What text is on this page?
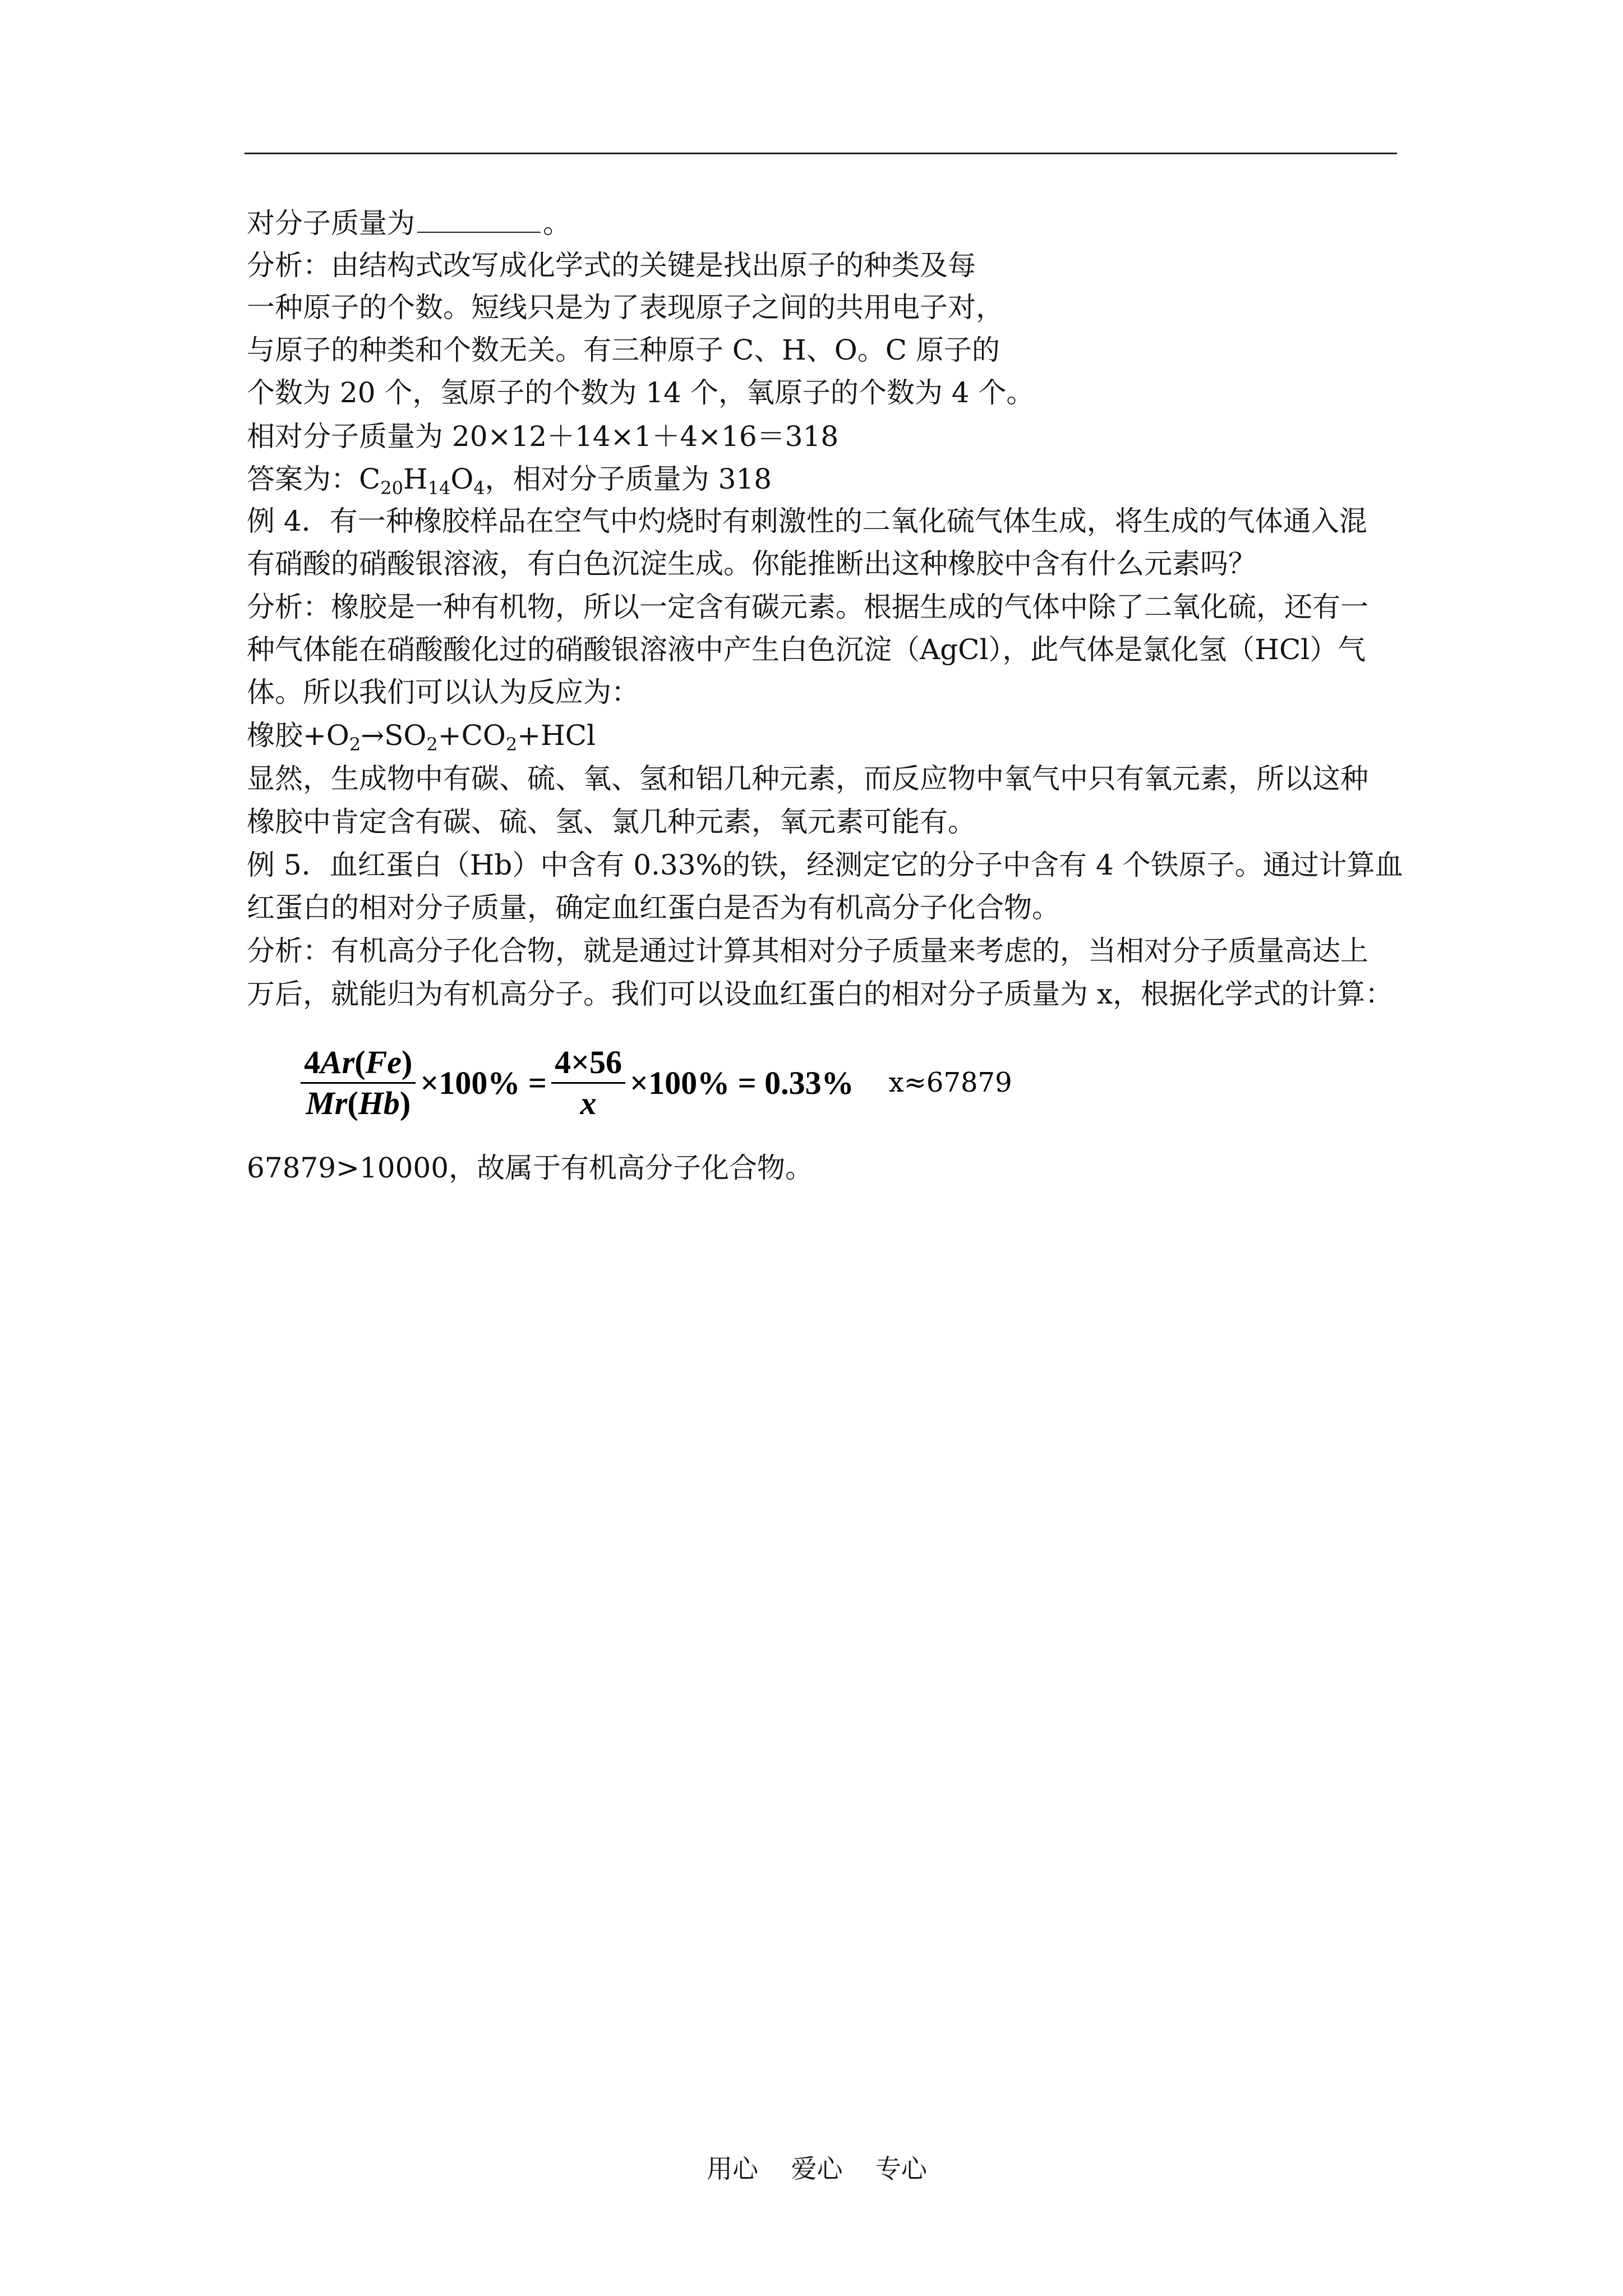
对分子质量为	。
分析：由结构式改写成化学式的关键是找出原子的种类及每
一种原子的个数。短线只是为了表现原子之间的共用电子对，
与原子的种类和个数无关。有三种原子 C、H、O。C 原子的
个数为 20 个，氢原子的个数为 14 个，氧原子的个数为 4 个。
相对分子质量为 20×12＋14×1＋4×16＝318
答案为：$C_{20}H_{14}O_4$，相对分子质量为 318
例 4．有一种橡胶样品在空气中灼烧时有刺激性的二氧化硫气体生成，将生成的气体通入混
有硝酸的硝酸银溶液，有白色沉淀生成。你能推断出这种橡胶中含有什么元素吗？
分析：橡胶是一种有机物，所以一定含有碳元素。根据生成的气体中除了二氧化硫，还有一
种气体能在硝酸酸化过的硝酸银溶液中产生白色沉淀（AgCl），此气体是氯化氢（HCl）气
体。所以我们可以认为反应为：
橡胶$+O_2\to SO_2+CO_2+HCl$
显然，生成物中有碳、硫、氧、氢和铝几种元素，而反应物中氧气中只有氧元素，所以这种
橡胶中肯定含有碳、硫、氢、氯几种元素，氧元素可能有。
例 5．血红蛋白（Hb）中含有 0.33%的铁，经测定它的分子中含有 4 个铁原子。通过计算血
红蛋白的相对分子质量，确定血红蛋白是否为有机高分子化合物。
分析：有机高分子化合物，就是通过计算其相对分子质量来考虑的，当相对分子质量高达上
万后，就能归为有机高分子。我们可以设血红蛋白的相对分子质量为 x，根据化学式的计算：
$\frac{4Ar(Fe)}{Mr(Hb)} \times 100\% = \frac{4\times 56}{x} \times 100\% = 0.33\%$ x≈67879
67879>10000，故属于有机高分子化合物。
用心    爱心    专心
